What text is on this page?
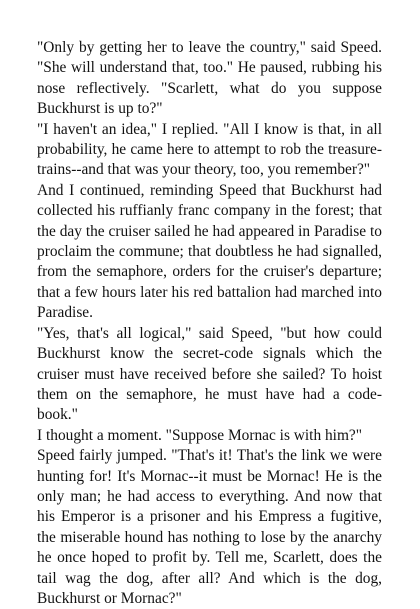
"Only by getting her to leave the country," said Speed. "She will understand that, too." He paused, rubbing his nose reflectively. "Scarlett, what do you suppose Buckhurst is up to?"

"I haven't an idea," I replied. "All I know is that, in all probability, he came here to attempt to rob the treasure-trains--and that was your theory, too, you remember?"

And I continued, reminding Speed that Buckhurst had collected his ruffianly franc company in the forest; that the day the cruiser sailed he had appeared in Paradise to proclaim the commune; that doubtless he had signalled, from the semaphore, orders for the cruiser's departure; that a few hours later his red battalion had marched into Paradise.

"Yes, that's all logical," said Speed, "but how could Buckhurst know the secret-code signals which the cruiser must have received before she sailed? To hoist them on the semaphore, he must have had a code-book."

I thought a moment. "Suppose Mornac is with him?"

Speed fairly jumped. "That's it! That's the link we were hunting for! It's Mornac--it must be Mornac! He is the only man; he had access to everything. And now that his Emperor is a prisoner and his Empress a fugitive, the miserable hound has nothing to lose by the anarchy he once hoped to profit by. Tell me, Scarlett, does the tail wag the dog, after all? And which is the dog, Buckhurst or Mornac?"
